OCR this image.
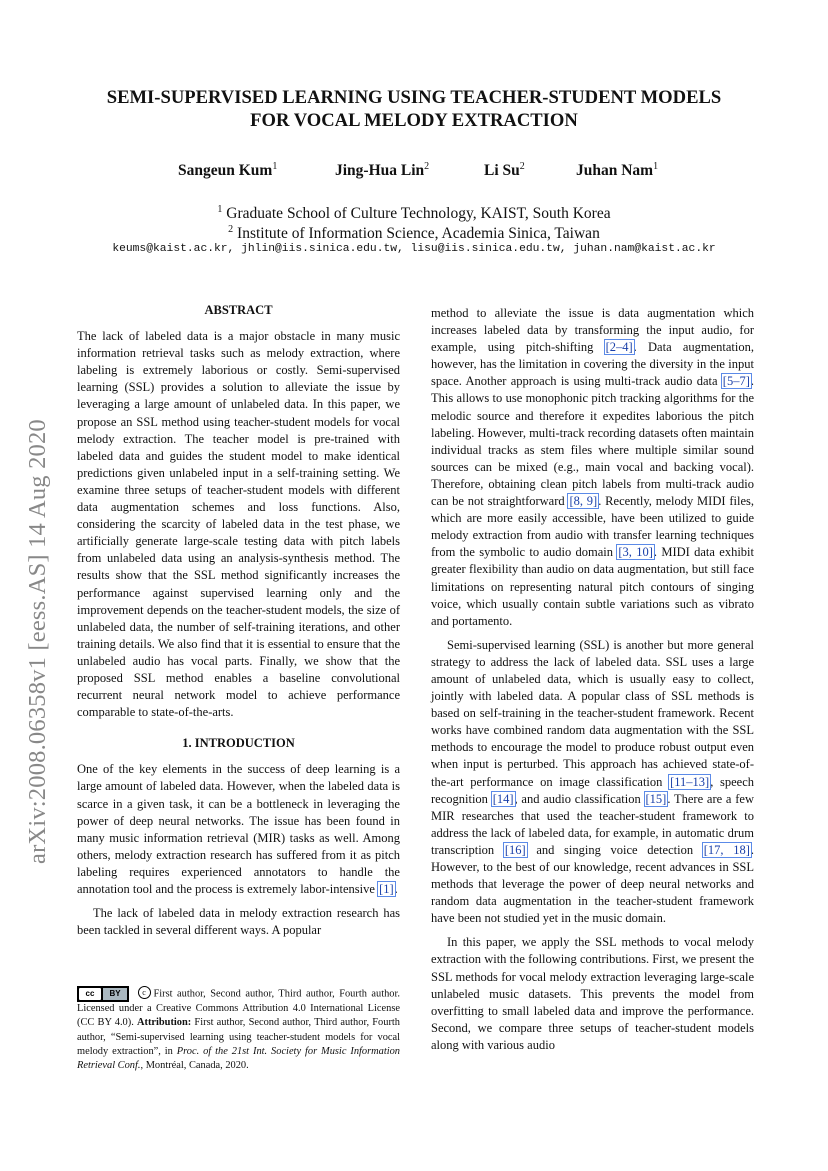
arXiv:2008.06358v1 [eess.AS] 14 Aug 2020
SEMI-SUPERVISED LEARNING USING TEACHER-STUDENT MODELS
FOR VOCAL MELODY EXTRACTION
Sangeun Kum$^1$	Jing-Hua Lin$^2$	Li Su$^2$	Juhan Nam$^1$
$^1$ Graduate School of Culture Technology, KAIST, South Korea
$^2$ Institute of Information Science, Academia Sinica, Taiwan
keums@kaist.ac.kr, jhlin@iis.sinica.edu.tw, lisu@iis.sinica.edu.tw, juhan.nam@kaist.ac.kr
ABSTRACT

The lack of labeled data is a major obstacle in many music information retrieval tasks such as melody extraction, where labeling is extremely laborious or costly. Semi-supervised learning (SSL) provides a solution to alleviate the issue by leveraging a large amount of unlabeled data. In this paper, we propose an SSL method using teacher-student models for vocal melody extraction. The teacher model is pre-trained with labeled data and guides the student model to make identical predictions given unlabeled input in a self-training setting. We examine three setups of teacher-student models with different data augmentation schemes and loss functions. Also, considering the scarcity of labeled data in the test phase, we artificially generate large-scale testing data with pitch labels from unlabeled data using an analysis-synthesis method. The results show that the SSL method significantly increases the performance against supervised learning only and the improvement depends on the teacher-student models, the size of unlabeled data, the number of self-training iterations, and other training details. We also find that it is essential to ensure that the unlabeled audio has vocal parts. Finally, we show that the proposed SSL method enables a baseline convolutional recurrent neural network model to achieve performance comparable to state-of-the-arts.

1. INTRODUCTION

One of the key elements in the success of deep learning is a large amount of labeled data. However, when the labeled data is scarce in a given task, it can be a bottleneck in leveraging the power of deep neural networks. The issue has been found in many music information retrieval (MIR) tasks as well. Among others, melody extraction research has suffered from it as pitch labeling requires experienced annotators to handle the annotation tool and the process is extremely labor-intensive [1].

The lack of labeled data in melody extraction research has been tackled in several different ways. A popular

method to alleviate the issue is data augmentation which increases labeled data by transforming the input audio, for example, using pitch-shifting [2–4]. Data augmentation, however, has the limitation in covering the diversity in the input space. Another approach is using multi-track audio data [5–7]. This allows to use monophonic pitch tracking algorithms for the melodic source and therefore it expedites laborious the pitch labeling. However, multi-track recording datasets often maintain individual tracks as stem files where multiple similar sound sources can be mixed (e.g., main vocal and backing vocal). Therefore, obtaining clean pitch labels from multi-track audio can be not straightforward [8, 9]. Recently, melody MIDI files, which are more easily accessible, have been utilized to guide melody extraction from audio with transfer learning techniques from the symbolic to audio domain [3, 10]. MIDI data exhibit greater flexibility than audio on data augmentation, but still face limitations on representing natural pitch contours of singing voice, which usually contain subtle variations such as vibrato and portamento.

Semi-supervised learning (SSL) is another but more general strategy to address the lack of labeled data. SSL uses a large amount of unlabeled data, which is usually easy to collect, jointly with labeled data. A popular class of SSL methods is based on self-training in the teacher-student framework. Recent works have combined random data augmentation with the SSL methods to encourage the model to produce robust output even when input is perturbed. This approach has achieved state-of-the-art performance on image classification [11–13], speech recognition [14], and audio classification [15]. There are a few MIR researches that used the teacher-student framework to address the lack of labeled data, for example, in automatic drum transcription [16] and singing voice detection [17, 18]. However, to the best of our knowledge, recent advances in SSL methods that leverage the power of deep neural networks and random data augmentation in the teacher-student framework have been not studied yet in the music domain.

In this paper, we apply the SSL methods to vocal melody extraction with the following contributions. First, we present the SSL methods for vocal melody extraction leveraging large-scale unlabeled music datasets. This prevents the model from overfitting to small labeled data and improve the performance. Second, we compare three setups of teacher-student models along with various audio

cc	BY	c First author, Second author, Third author, Fourth author. Licensed under a Creative Commons Attribution 4.0 International License (CC BY 4.0). Attribution: First author, Second author, Third author, Fourth author, “Semi-supervised learning using teacher-student models for vocal melody extraction”, in Proc. of the 21st Int. Society for Music Information Retrieval Conf., Montréal, Canada, 2020.
